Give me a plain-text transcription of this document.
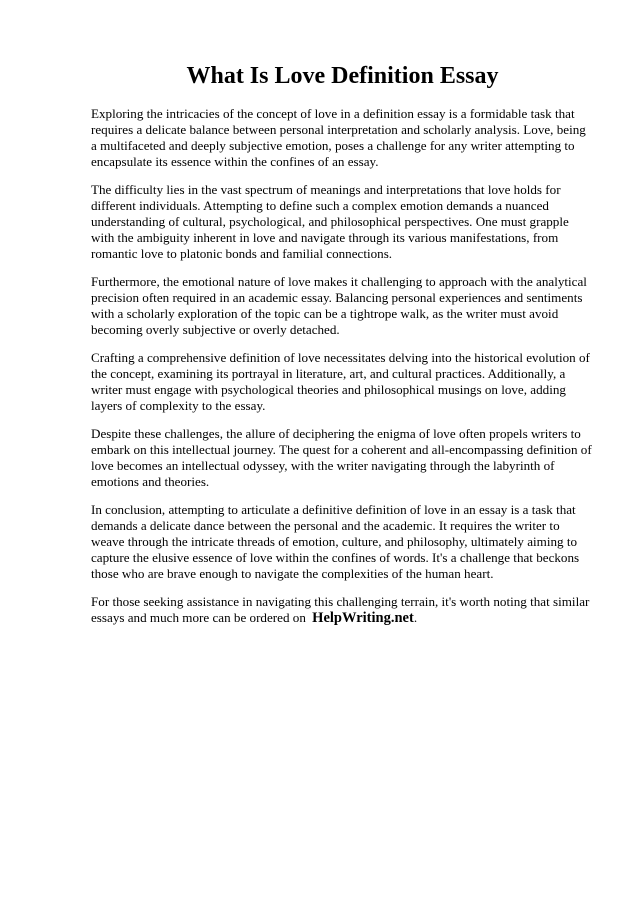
What Is Love Definition Essay

Exploring the intricacies of the concept of love in a definition essay is a formidable task that requires a delicate balance between personal interpretation and scholarly analysis. Love, being a multifaceted and deeply subjective emotion, poses a challenge for any writer attempting to encapsulate its essence within the confines of an essay.

The difficulty lies in the vast spectrum of meanings and interpretations that love holds for different individuals. Attempting to define such a complex emotion demands a nuanced understanding of cultural, psychological, and philosophical perspectives. One must grapple with the ambiguity inherent in love and navigate through its various manifestations, from romantic love to platonic bonds and familial connections.

Furthermore, the emotional nature of love makes it challenging to approach with the analytical precision often required in an academic essay. Balancing personal experiences and sentiments with a scholarly exploration of the topic can be a tightrope walk, as the writer must avoid becoming overly subjective or overly detached.

Crafting a comprehensive definition of love necessitates delving into the historical evolution of the concept, examining its portrayal in literature, art, and cultural practices. Additionally, a writer must engage with psychological theories and philosophical musings on love, adding layers of complexity to the essay.

Despite these challenges, the allure of deciphering the enigma of love often propels writers to embark on this intellectual journey. The quest for a coherent and all-encompassing definition of love becomes an intellectual odyssey, with the writer navigating through the labyrinth of emotions and theories.

In conclusion, attempting to articulate a definitive definition of love in an essay is a task that demands a delicate dance between the personal and the academic. It requires the writer to weave through the intricate threads of emotion, culture, and philosophy, ultimately aiming to capture the elusive essence of love within the confines of words. It's a challenge that beckons those who are brave enough to navigate the complexities of the human heart.

For those seeking assistance in navigating this challenging terrain, it's worth noting that similar essays and much more can be ordered on HelpWriting.net.
